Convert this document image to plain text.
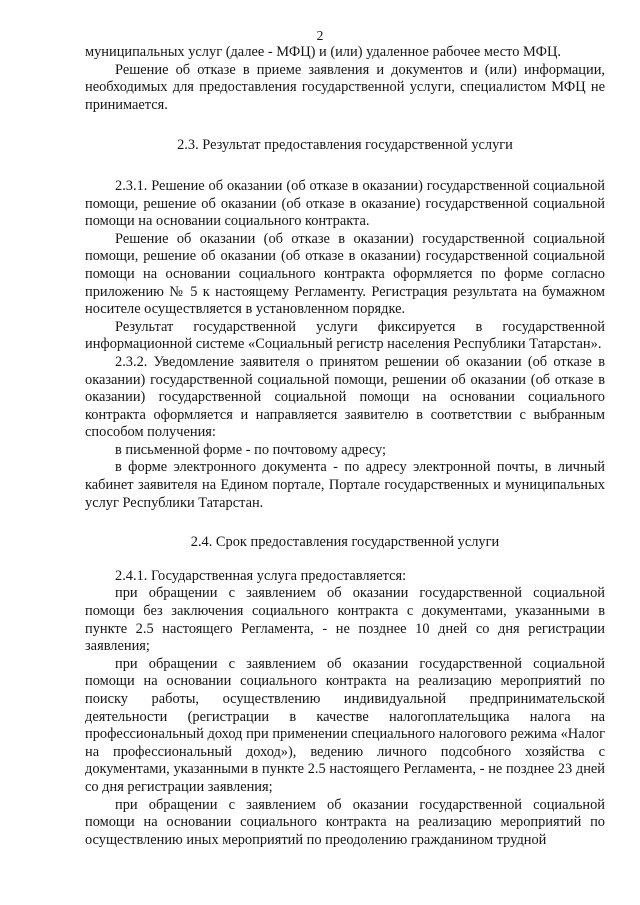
2

муниципальных услуг (далее - МФЦ) и (или) удаленное рабочее место МФЦ.

Решение об отказе в приеме заявления и документов и (или) информации, необходимых для предоставления государственной услуги, специалистом МФЦ не принимается.

2.3. Результат предоставления государственной услуги

2.3.1. Решение об оказании (об отказе в оказании) государственной социальной помощи, решение об оказании (об отказе в оказание) государственной социальной помощи на основании социального контракта.

Решение об оказании (об отказе в оказании) государственной социальной помощи, решение об оказании (об отказе в оказании) государственной социальной помощи на основании социального контракта оформляется по форме согласно приложению № 5 к настоящему Регламенту. Регистрация результата на бумажном носителе осуществляется в установленном порядке.

Результат государственной услуги фиксируется в государственной информационной системе «Социальный регистр населения Республики Татарстан».

2.3.2. Уведомление заявителя о принятом решении об оказании (об отказе в оказании) государственной социальной помощи, решении об оказании (об отказе в оказании) государственной социальной помощи на основании социального контракта оформляется и направляется заявителю в соответствии с выбранным способом получения:

в письменной форме - по почтовому адресу;

в форме электронного документа - по адресу электронной почты, в личный кабинет заявителя на Едином портале, Портале государственных и муниципальных услуг Республики Татарстан.

2.4. Срок предоставления государственной услуги

2.4.1. Государственная услуга предоставляется:

при обращении с заявлением об оказании государственной социальной помощи без заключения социального контракта с документами, указанными в пункте 2.5 настоящего Регламента, - не позднее 10 дней со дня регистрации заявления;

при обращении с заявлением об оказании государственной социальной помощи на основании социального контракта на реализацию мероприятий по поиску работы, осуществлению индивидуальной предпринимательской деятельности (регистрации в качестве налогоплательщика налога на профессиональный доход при применении специального налогового режима «Налог на профессиональный доход»), ведению личного подсобного хозяйства с документами, указанными в пункте 2.5 настоящего Регламента, - не позднее 23 дней со дня регистрации заявления;

при обращении с заявлением об оказании государственной социальной помощи на основании социального контракта на реализацию мероприятий по осуществлению иных мероприятий по преодолению гражданином трудной
